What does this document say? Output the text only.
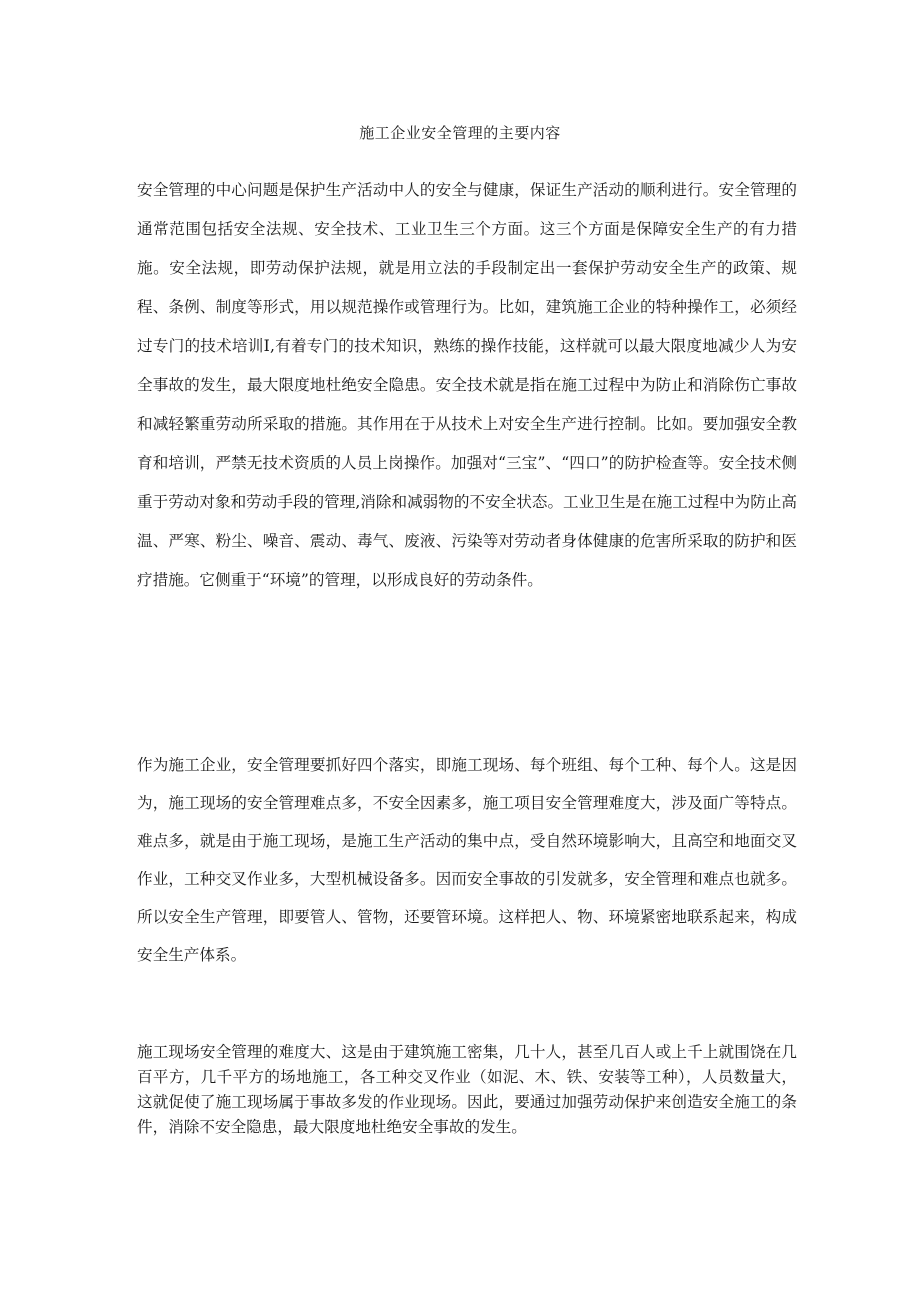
施工企业安全管理的主要内容

安全管理的中心问题是保护生产活动中人的安全与健康，保证生产活动的顺利进行。安全管理的通常范围包括安全法规、安全技术、工业卫生三个方面。这三个方面是保障安全生产的有力措施。安全法规，即劳动保护法规，就是用立法的手段制定出一套保护劳动安全生产的政策、规程、条例、制度等形式，用以规范操作或管理行为。比如，建筑施工企业的特种操作工，必须经过专门的技术培训Ⅰ,有着专门的技术知识，熟练的操作技能，这样就可以最大限度地减少人为安全事故的发生，最大限度地杜绝安全隐患。安全技术就是指在施工过程中为防止和消除伤亡事故和减轻繁重劳动所采取的措施。其作用在于从技术上对安全生产进行控制。比如。要加强安全教育和培训，严禁无技术资质的人员上岗操作。加强对“三宝”、“四口”的防护检查等。安全技术侧重于劳动对象和劳动手段的管理,消除和减弱物的不安全状态。工业卫生是在施工过程中为防止高温、严寒、粉尘、噪音、震动、毒气、废液、污染等对劳动者身体健康的危害所采取的防护和医疗措施。它侧重于“环境”的管理，以形成良好的劳动条件。

作为施工企业，安全管理要抓好四个落实，即施工现场、每个班组、每个工种、每个人。这是因为，施工现场的安全管理难点多，不安全因素多，施工项目安全管理难度大，涉及面广等特点。难点多，就是由于施工现场，是施工生产活动的集中点，受自然环境影响大，且高空和地面交叉作业，工种交叉作业多，大型机械设备多。因而安全事故的引发就多，安全管理和难点也就多。所以安全生产管理，即要管人、管物，还要管环境。这样把人、物、环境紧密地联系起来，构成安全生产体系。

施工现场安全管理的难度大、这是由于建筑施工密集，几十人，甚至几百人或上千上就围饶在几百平方，几千平方的场地施工，各工种交叉作业（如泥、木、铁、安装等工种），人员数量大，这就促使了施工现场属于事故多发的作业现场。因此，要通过加强劳动保护来创造安全施工的条件，消除不安全隐患，最大限度地杜绝安全事故的发生。
